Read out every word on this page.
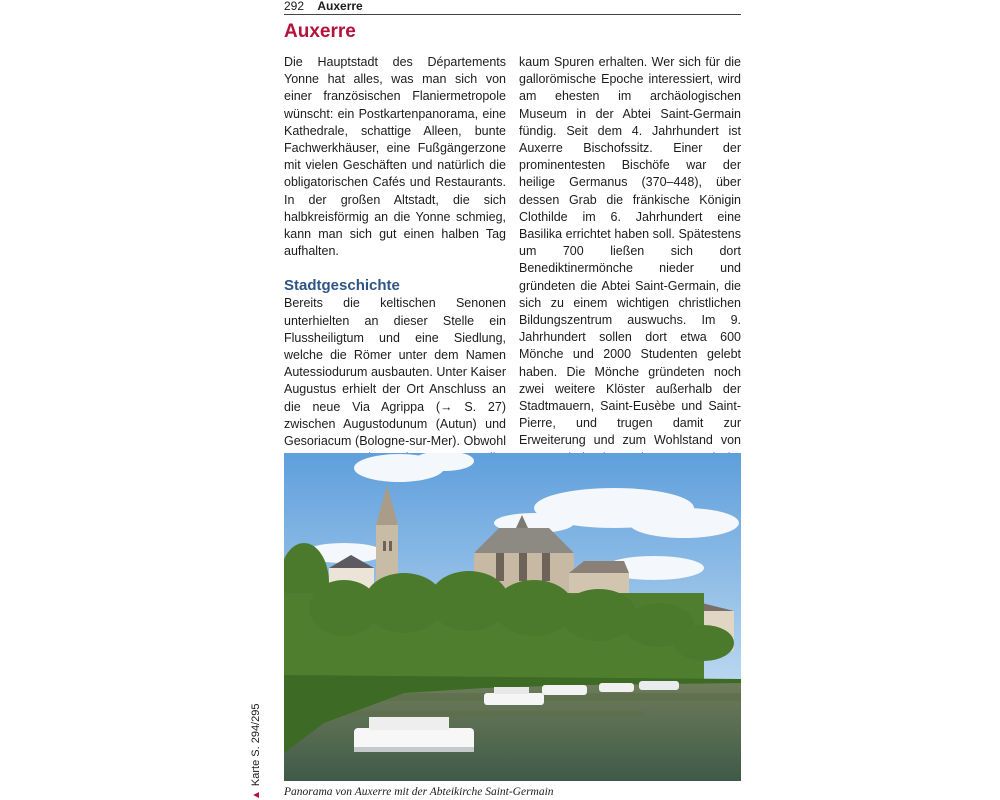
292 Auxerre
Auxerre

Die Hauptstadt des Départements Yonne hat alles, was man sich von einer französischen Flaniermetropole wünscht: ein Postkartenpanorama, eine Kathedrale, schattige Alleen, bunte Fachwerkhäuser, eine Fußgängerzone mit vielen Geschäften und natürlich die obligatorischen Cafés und Restaurants. In der großen Altstadt, die sich halbkreisförmig an die Yonne schmieg, kann man sich gut einen halben Tag aufhalten.

Stadtgeschichte

Bereits die keltischen Senonen unterhielten an dieser Stelle ein Flussheiligtum und eine Siedlung, welche die Römer unter dem Namen Autessiodurum ausbauten. Unter Kaiser Augustus erhielt der Ort Anschluss an die neue Via Agrippa (→ S. 27) zwischen Augustodunum (Autun) und Gesoriacum (Bologne-sur-Mer). Obwohl

kaum Spuren erhalten. Wer sich für die gallorömische Epoche interessiert, wird am ehesten im archäologischen Museum in der Abtei Saint-Germain fündig. Seit dem 4. Jahrhundert ist Auxerre Bischofssitz. Einer der prominentesten Bischöfe war der heilige Germanus (370–448), über dessen Grab die fränkische Königin Clothilde im 6. Jahrhundert eine Basilika errichtet haben soll. Spätestens um 700 ließen sich dort Benediktinermönche nieder und gründeten die Abtei Saint-Germain, die sich zu einem wichtigen christlichen Bildungszentrum auswuchs. Im 9. Jahrhundert sollen dort etwa 600 Mönche und 2000 Studenten gelebt haben. Die Mönche gründeten noch zwei weitere Klöster außerhalb der Stadtmauern, Saint-Eusèbe und Saint-Pierre, und trugen damit zur Erweiterung und zum Wohlstand von

Panorama von Auxerre mit der Abteikirche Saint-Germain
▲Karte S. 294/295
